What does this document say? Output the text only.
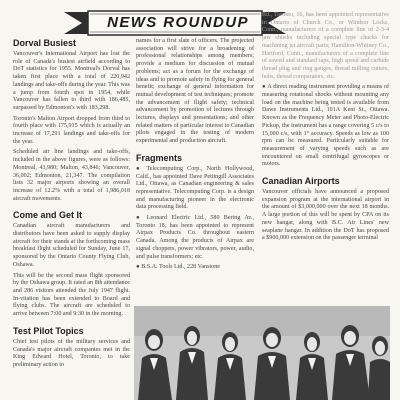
NEWS ROUNDUP
Dorval Busiest

Vancouver's International Airport has lost the role of Canada's busiest airfield according to DoT statistics for 1955. Montreal's Dorval has taken first place with a total of 220,942 landings and take-offs during the year. This was a jump from fourth spot in 1954, while Vancouver has fallen to third with 186,485, surpassed by Edmonton's with 183,298.

Toronto's Malton Airport dropped from third to fourth place with 175,915 which is actually an increase of 17,291 landings and take-offs for the year.

Scheduled air line landings and take-offs, included in the above figures, were as follows: Montreal, 43,980; Malton, 43,846; Vancouver, 36,002; Edmonton, 21,347. The compilation lists 32 major airports showing an overall increase of 12.2% with a total of 1,986,018 aircraft movements.

Come and Get It

Canadian aircraft manufacturers and distributors have been asked to supply display aircraft for their stands at the forthcoming mass breakfast flight scheduled for Sunday, June 17, sponsored by the Ontario County Flying Club, Oshawa.

This will be the second mass flight sponsored by the Oshawa group. It rated an 8th attendance and 286 visitors attended the July 1947 flight. In-vitation has been extended to Board and flying clubs. The aircraft are scheduled to arrive between 7:00 and 9:30 in the morning.

Test Pilot Topics

Chief test pilots of the military services and Canada's major aircraft companies met in the King Edward Hotel, Toronto, to take preliminary action to

names for a first slate of officers. The projected association will strive for a broadening of professional relationships among members; provide a medium for discussion of mutual problems; act as a forum for the exchange of ideas and to promote safety in flying for general benefit; exchange of general information for mutual development of test techniques; promote the advancement of flight safety; technical advancement by promotion of lectures through lectures, displays and presentations; and other related matters of particular interest to Canadian pilots engaged in the testing of modern experimental and production aircraft.

Fragments

● Telecomputing Corp., North Hollywood, Calif., has appointed Dave Pettingill Associates Ltd., Ottawa, as Canadian engineering & sales representative. Telecomputing Corp. is a design and manufacturing pioneer in the electronic data processing field.

● Leonard Electric Ltd., 580 Bering Av., Toronto 18, has been appointed to represent Airpax Products Co. throughout eastern Canada. Among the products of Airpax are signal choppers, power vibrators, power, audio, and pulse transformers; etc.

● B.S.A. Tools Ltd., 228 Vanstone

Rd., Toronto, 16, has been appointed representative in Ontario of Church Co., or Windsor Locks, Conn., manufacturers of a complete line of 2-3-4 jaw chucks including special type chucks for machining jet aircraft parts; Hamilton-Whitney Co., Hartford, Conn., manufacturers of a complete line of sawed and standard taps, high speed and carbide thread plug and ring gauges, thread milling cutters, hobs, thread comparators, etc.

● A direct reading instrument providing a means of measuring rotational shocks without mounting any load on the machine being tested is available from Dawe Instruments Ltd., 101A Kent St., Ottawa. Known as the Frequency Meter and Photo-Electric Pickup, the instrument has a range covering 5 c/s to 15,000 c/s, with 1° accuracy. Speeds as low as 100 rpm can be measured. Particularly suitable for measurement of varying speeds such as are encountered on small centrifugal gyroscopes or motors.

Canadian Airports

Vancouver officials have announced a proposed expansion program at the international airport in the amount of $3,000,000 over the next 18 months. A large portion of this will be spent by CPA on its new hangar, along with B.C. Air Lines' new seaplane hangar. In addition the DoT has proposed a $900,000 extension on the passenger terminal
